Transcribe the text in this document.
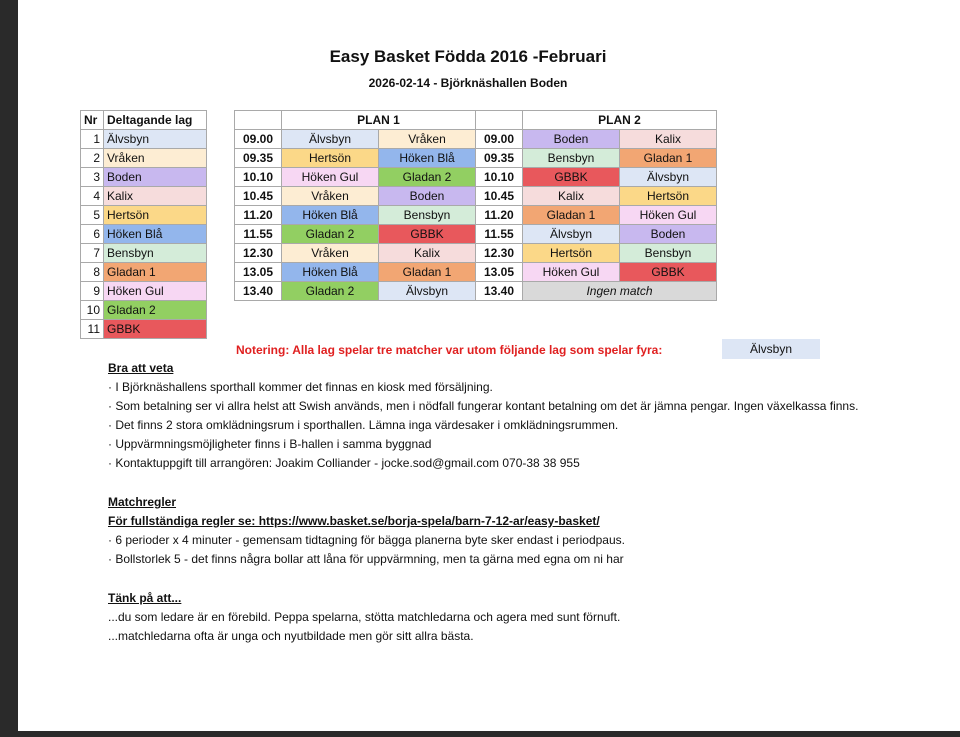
Easy Basket Födda 2016 -Februari
2026-02-14 - Björknäshallen Boden
Nr	Deltagande lag
1	Älvsbyn
2	Vråken
3	Boden
4	Kalix
5	Hertsön
6	Höken Blå
7	Bensbyn
8	Gladan 1
9	Höken Gul
10	Gladan 2
11	GBBK
	PLAN 1			PLAN 2	
09.00	Älvsbyn	Vråken	09.00	Boden	Kalix
09.35	Hertsön	Höken Blå	09.35	Bensbyn	Gladan 1
10.10	Höken Gul	Gladan 2	10.10	GBBK	Älvsbyn
10.45	Vråken	Boden	10.45	Kalix	Hertsön
11.20	Höken Blå	Bensbyn	11.20	Gladan 1	Höken Gul
11.55	Gladan 2	GBBK	11.55	Älvsbyn	Boden
12.30	Vråken	Kalix	12.30	Hertsön	Bensbyn
13.05	Höken Blå	Gladan 1	13.05	Höken Gul	GBBK
13.40	Gladan 2	Älvsbyn	13.40	Ingen match	
Notering: Alla lag spelar tre matcher var utom följande lag som spelar fyra:	Älvsbyn
Bra att veta
· I Björknäshallens sporthall kommer det finnas en kiosk med försäljning.
· Som betalning ser vi allra helst att Swish används, men i nödfall fungerar kontant betalning om det är jämna pengar. Ingen växelkassa finns.
· Det finns 2 stora omklädningsrum i sporthallen. Lämna inga värdesaker i omklädningsrummen.
· Uppvärmningsmöjligheter finns i B-hallen i samma byggnad
· Kontaktuppgift till arrangören: Joakim Colliander - jocke.sod@gmail.com 070-38 38 955
Matchregler
För fullständiga regler se: https://www.basket.se/borja-spela/barn-7-12-ar/easy-basket/
· 6 perioder x 4 minuter - gemensam tidtagning för bägga planerna byte sker endast i periodpaus.
· Bollstorlek 5 - det finns några bollar att låna för uppvärmning, men ta gärna med egna om ni har
Tänk på att...
...du som ledare är en förebild. Peppa spelarna, stötta matchledarna och agera med sunt förnuft.
...matchledarna ofta är unga och nyutbildade men gör sitt allra bästa.
